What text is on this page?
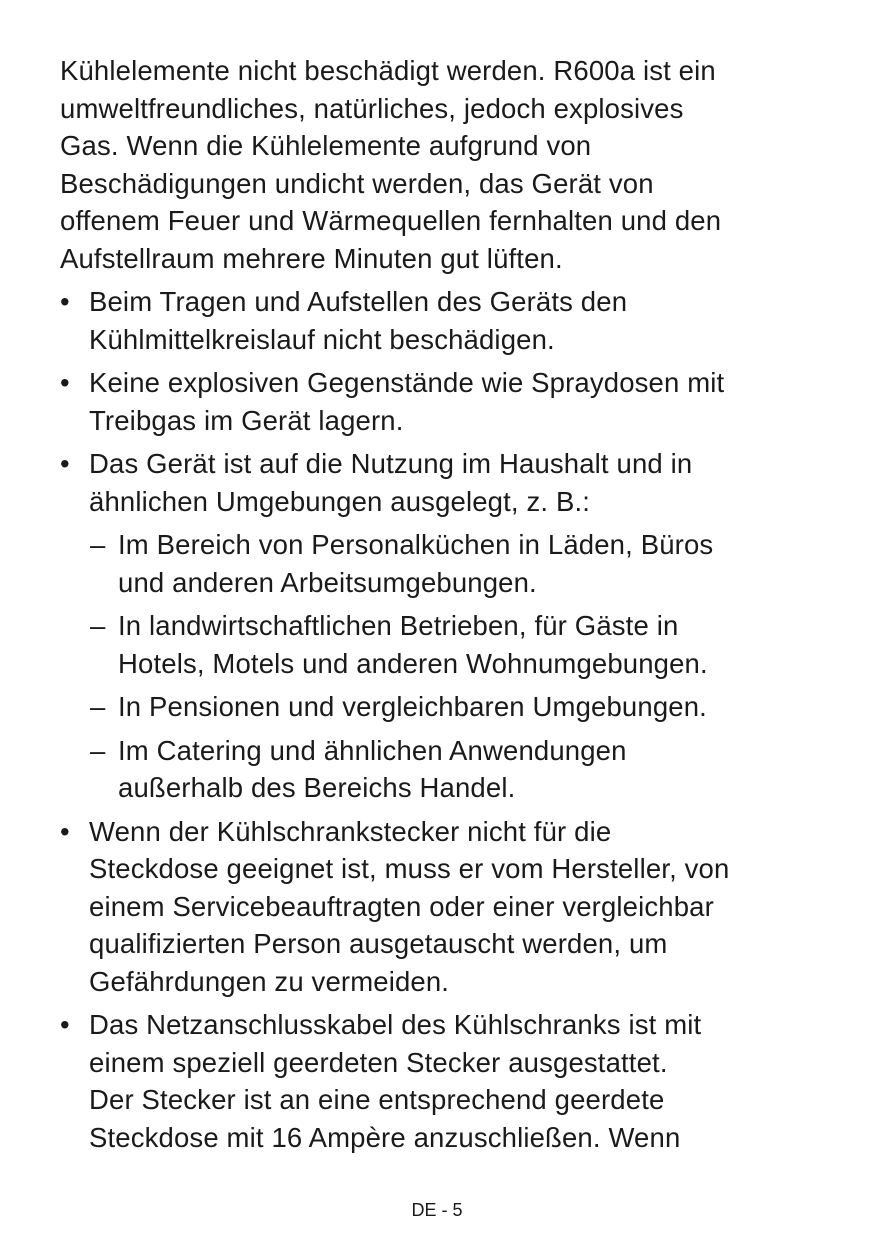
Kühlelemente nicht beschädigt werden. R600a ist ein
umweltfreundliches, natürliches, jedoch explosives
Gas. Wenn die Kühlelemente aufgrund von
Beschädigungen undicht werden, das Gerät von
offenem Feuer und Wärmequellen fernhalten und den
Aufstellraum mehrere Minuten gut lüften.

• Beim Tragen und Aufstellen des Geräts den
Kühlmittelkreislauf nicht beschädigen.
• Keine explosiven Gegenstände wie Spraydosen mit
Treibgas im Gerät lagern.
• Das Gerät ist auf die Nutzung im Haushalt und in
ähnlichen Umgebungen ausgelegt, z. B.:
– Im Bereich von Personalküchen in Läden, Büros
und anderen Arbeitsumgebungen.
– In landwirtschaftlichen Betrieben, für Gäste in
Hotels, Motels und anderen Wohnumgebungen.
– In Pensionen und vergleichbaren Umgebungen.
– Im Catering und ähnlichen Anwendungen
außerhalb des Bereichs Handel.
• Wenn der Kühlschrankstecker nicht für die
Steckdose geeignet ist, muss er vom Hersteller, von
einem Servicebeauftragten oder einer vergleichbar
qualifizierten Person ausgetauscht werden, um
Gefährdungen zu vermeiden.
• Das Netzanschlusskabel des Kühlschranks ist mit
einem speziell geerdeten Stecker ausgestattet.
Der Stecker ist an eine entsprechend geerdete
Steckdose mit 16 Ampère anzuschließen. Wenn
DE - 5
